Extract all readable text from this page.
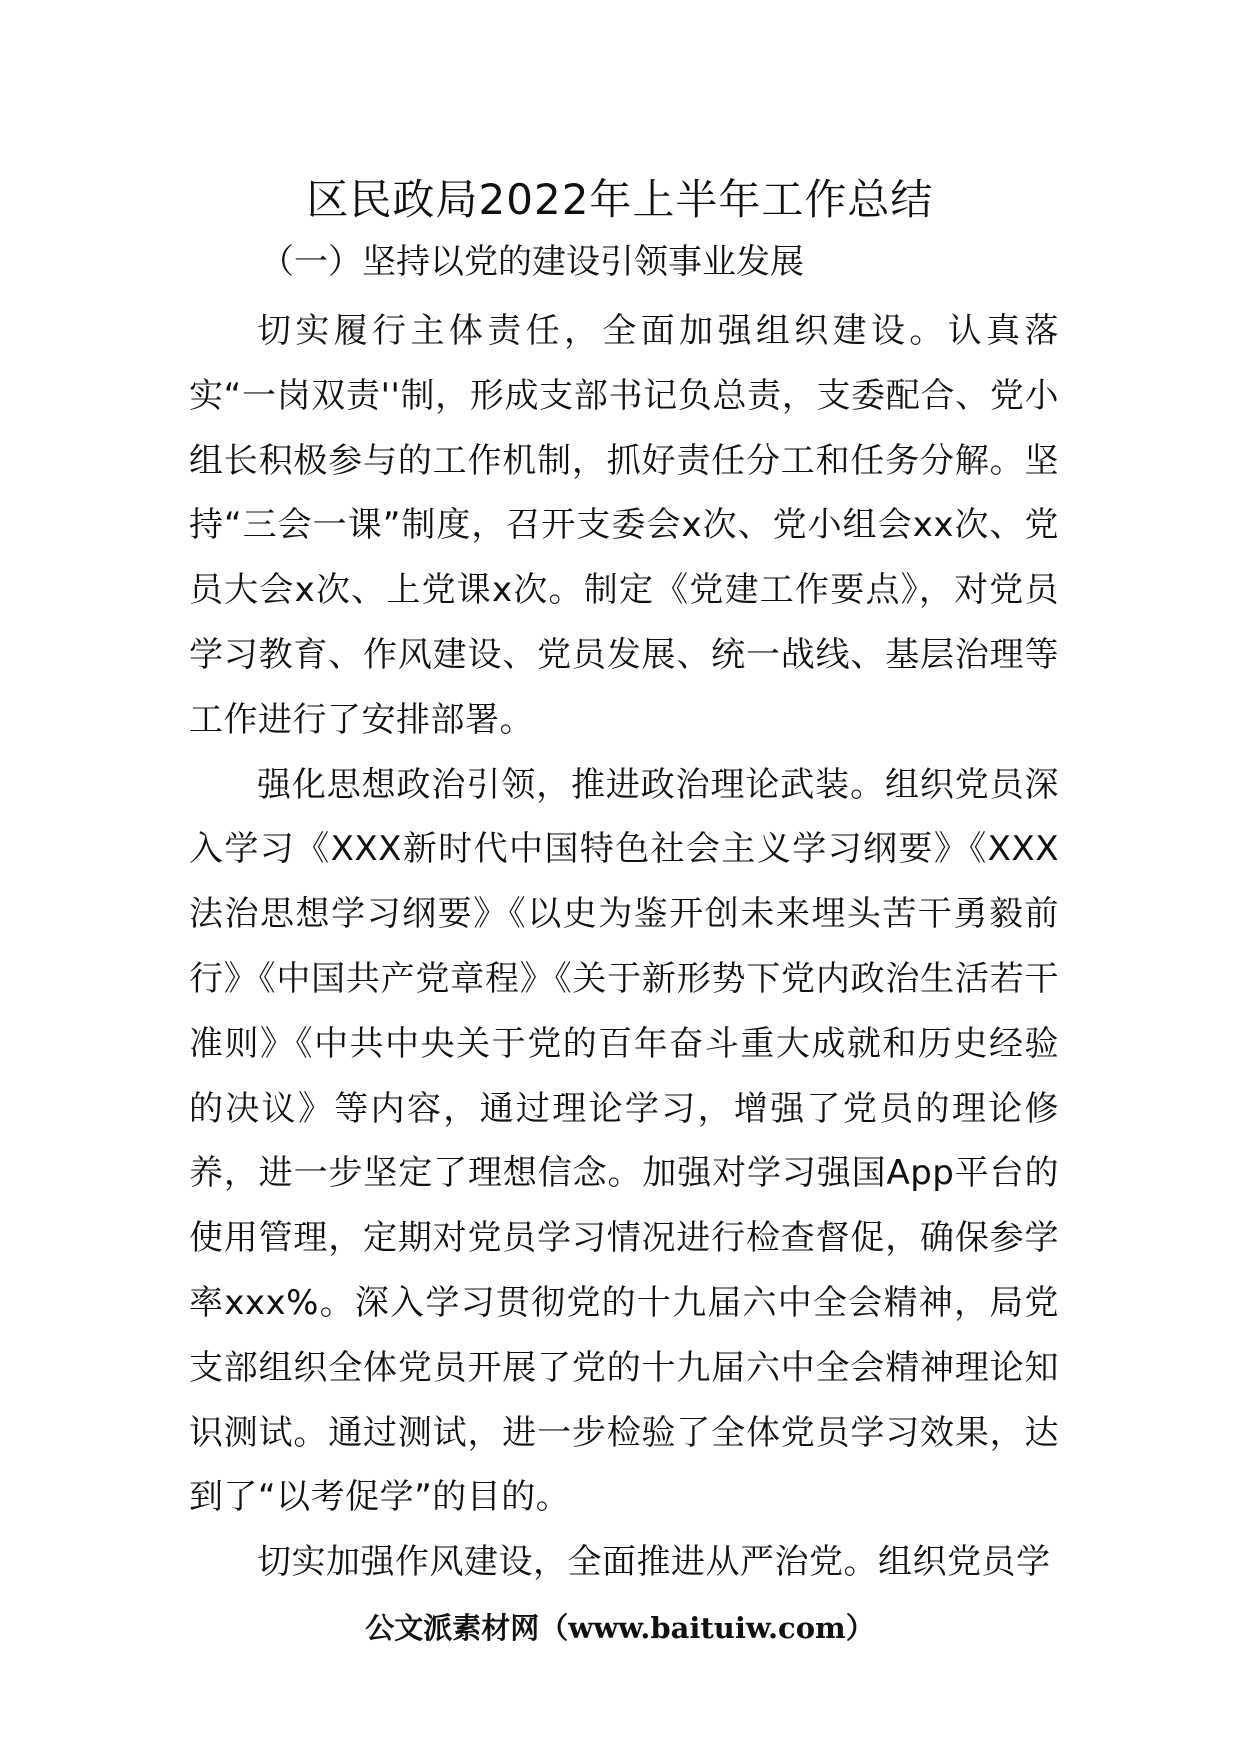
区民政局2022年上半年工作总结
（一）坚持以党的建设引领事业发展

切实履行主体责任，全面加强组织建设。认真落实“一岗双责''制，形成支部书记负总责，支委配合、党小组长积极参与的工作机制，抓好责任分工和任务分解。坚持“三会一课”制度，召开支委会x次、党小组会xx次、党员大会x次、上党课x次。制定《党建工作要点》，对党员学习教育、作风建设、党员发展、统一战线、基层治理等工作进行了安排部署。

强化思想政治引领，推进政治理论武装。组织党员深入学习《XXX新时代中国特色社会主义学习纲要》《XXX法治思想学习纲要》《以史为鉴开创未来埋头苦干勇毅前行》《中国共产党章程》《关于新形势下党内政治生活若干准则》《中共中央关于党的百年奋斗重大成就和历史经验的决议》等内容，通过理论学习，增强了党员的理论修养，进一步坚定了理想信念。加强对学习强国App平台的使用管理，定期对党员学习情况进行检查督促，确保参学率xxx%。深入学习贯彻党的十九届六中全会精神，局党支部组织全体党员开展了党的十九届六中全会精神理论知识测试。通过测试，进一步检验了全体党员学习效果，达到了“以考促学”的目的。

切实加强作风建设，全面推进从严治党。组织党员学

公文派素材网（www.baituiw.com）
